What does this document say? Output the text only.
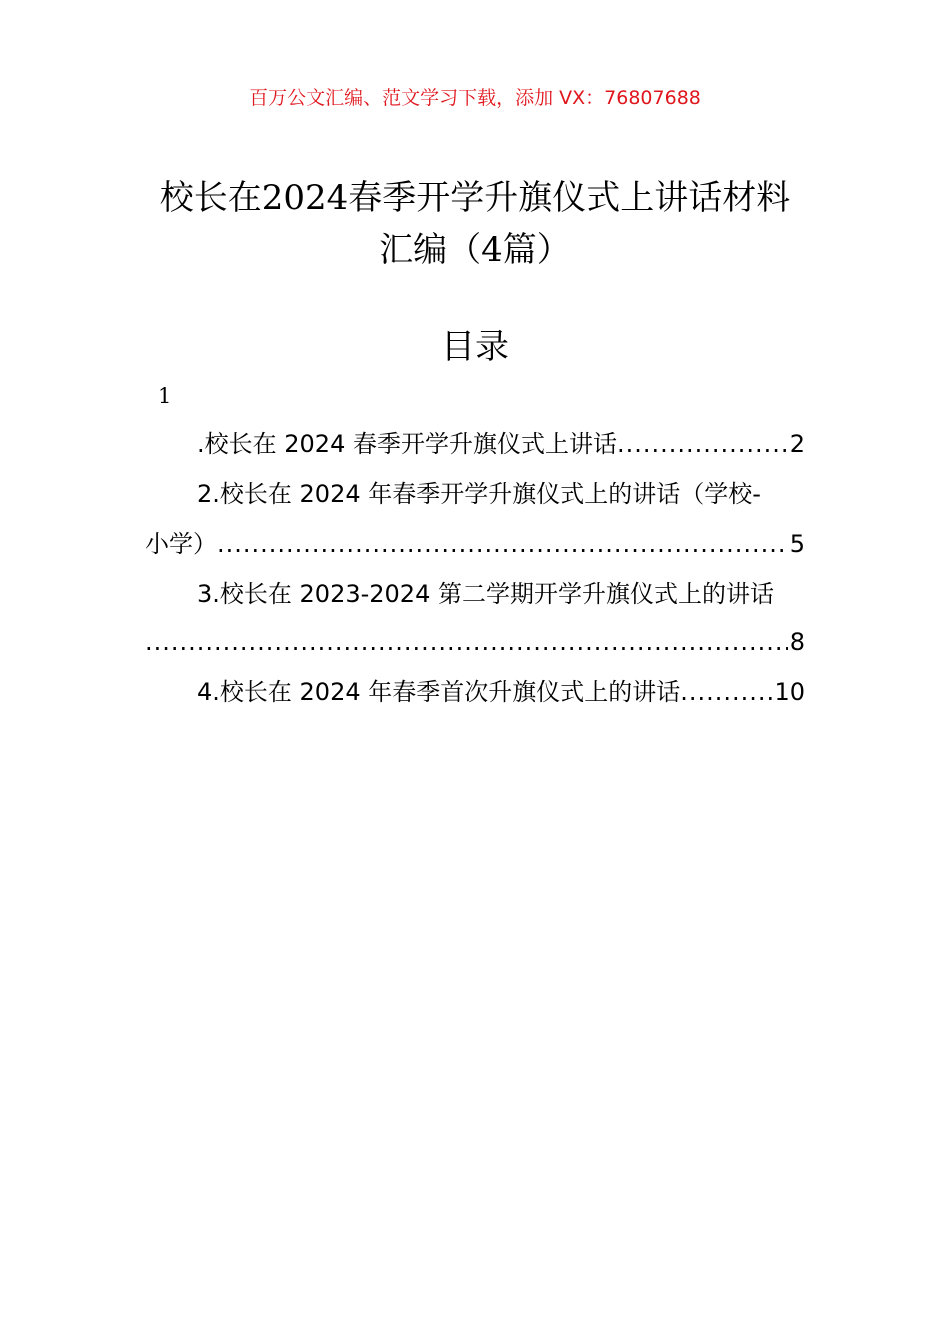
百万公文汇编、范文学习下载，添加 VX：76807688
校长在2024春季开学升旗仪式上讲话材料
汇编（4篇）
目录
1
.校长在 2024 春季开学升旗仪式上讲话 .....	2
2.校长在 2024 年春季开学升旗仪式上的讲话（学校-
小学） .....	5
3.校长在 2023-2024 第二学期开学升旗仪式上的讲话
.....
8
4.校长在 2024 年春季首次升旗仪式上的讲话 .....	10
